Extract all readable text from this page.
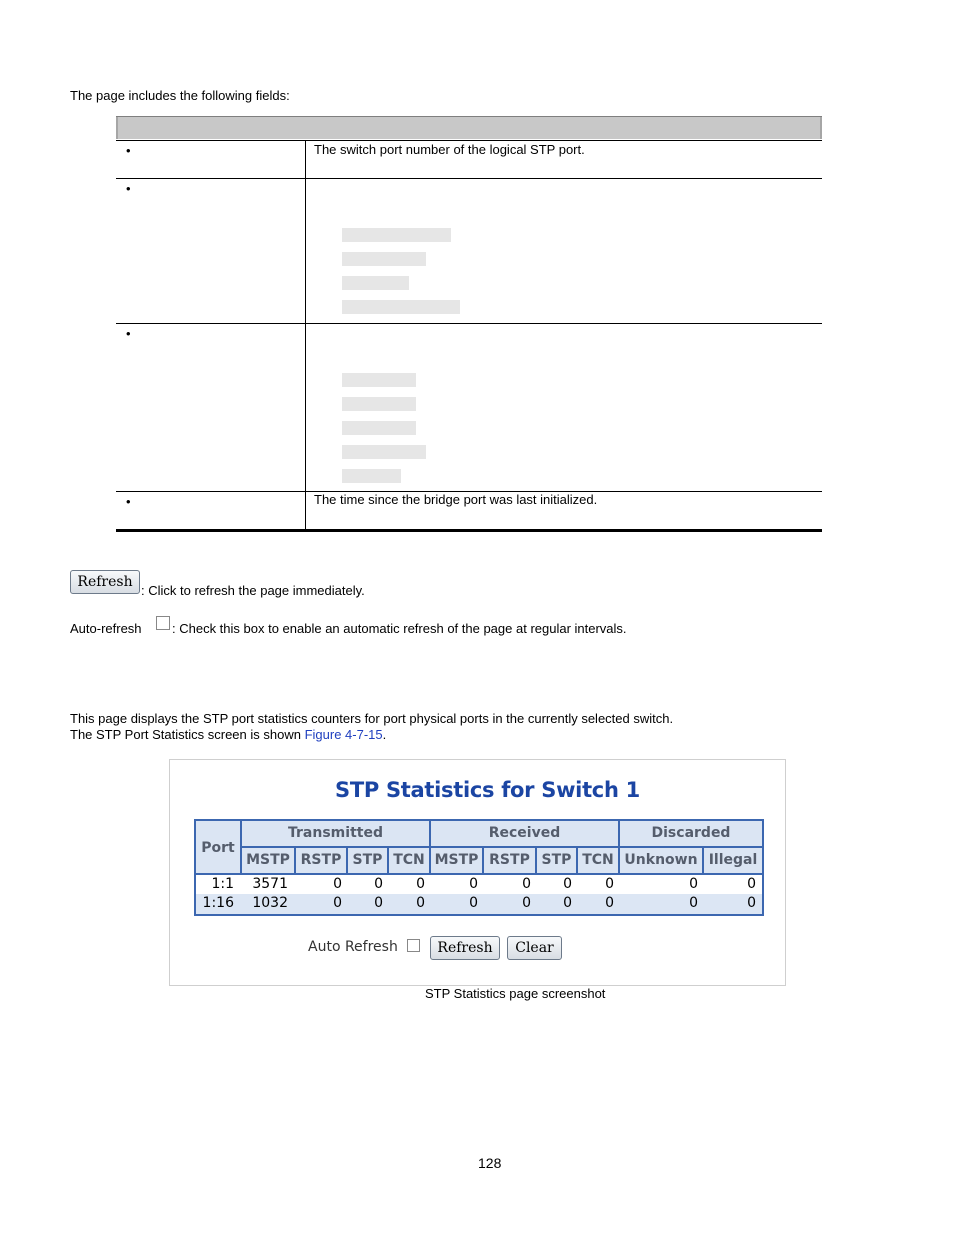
The page includes the following fields:
•	The switch port number of the logical STP port.
•
•
•	The time since the bridge port was last initialized.
Refresh
: Click to refresh the page immediately.
Auto-refresh : Check this box to enable an automatic refresh of the page at regular intervals.
This page displays the STP port statistics counters for port physical ports in the currently selected switch.
The STP Port Statistics screen is shown Figure 4-7-15.
STP Statistics for Switch 1
Port
Transmitted	Received	Discarded
MSTP RSTP STP TCN MSTP RSTP STP TCN Unknown Illegal
1:1	3571	0	0	0	0	0	0	0	0	0
1:16	1032	0	0	0	0	0	0	0	0	0
Auto Refresh	Refresh	Clear
STP Statistics page screenshot
128
